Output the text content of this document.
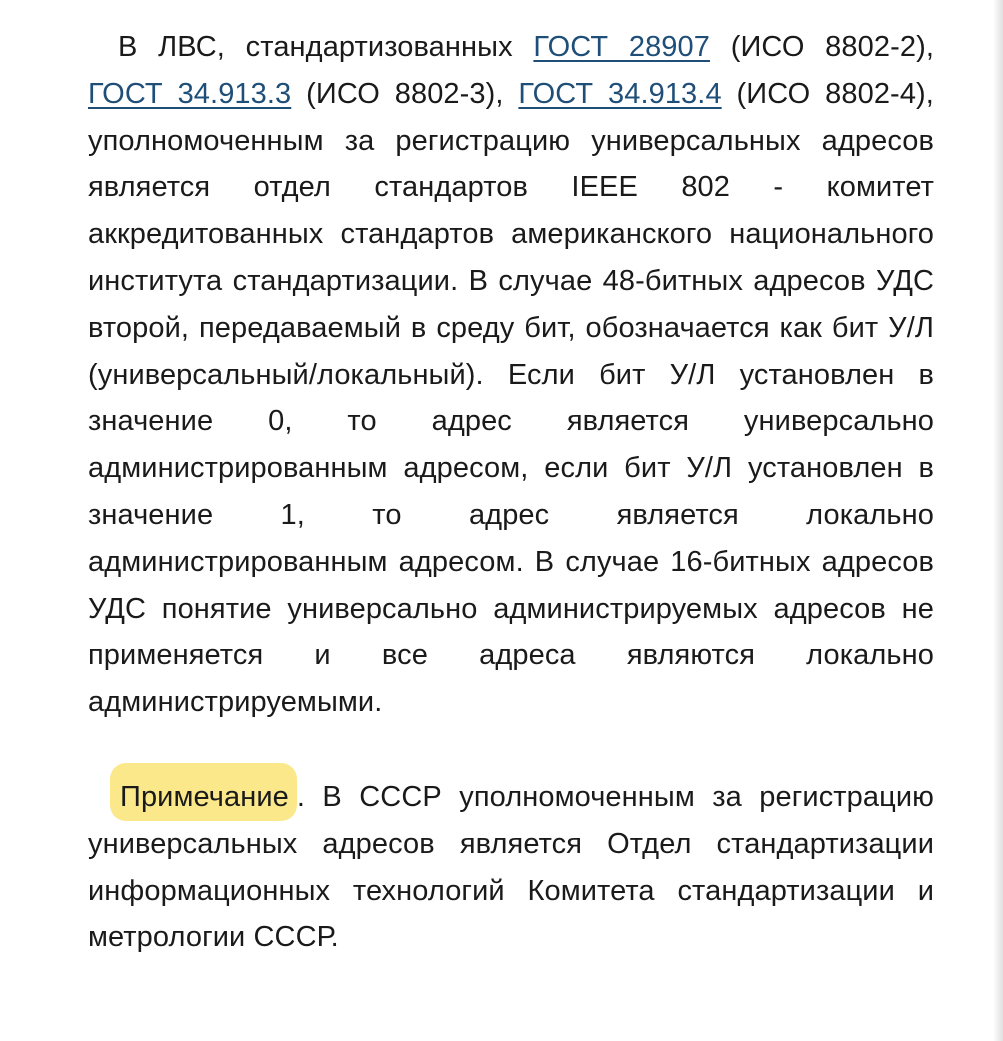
В ЛВС, стандартизованных ГОСТ 28907 (ИСО 8802-2), ГОСТ 34.913.3 (ИСО 8802-3), ГОСТ 34.913.4 (ИСО 8802-4), уполномоченным за регистрацию универсальных адресов является отдел стандартов IEEE 802 - комитет аккредитованных стандартов американского национального института стандартизации. В случае 48-битных адресов УДС второй, передаваемый в среду бит, обозначается как бит У/Л (универсальный/локальный). Если бит У/Л установлен в значение 0, то адрес является универсально администрированным адресом, если бит У/Л установлен в значение 1, то адрес является локально администрированным адресом. В случае 16-битных адресов УДС понятие универсально администрируемых адресов не применяется и все адреса являются локально администрируемыми.

Примечание . В СССР уполномоченным за регистрацию универсальных адресов является Отдел стандартизации информационных технологий Комитета стандартизации и метрологии СССР.
